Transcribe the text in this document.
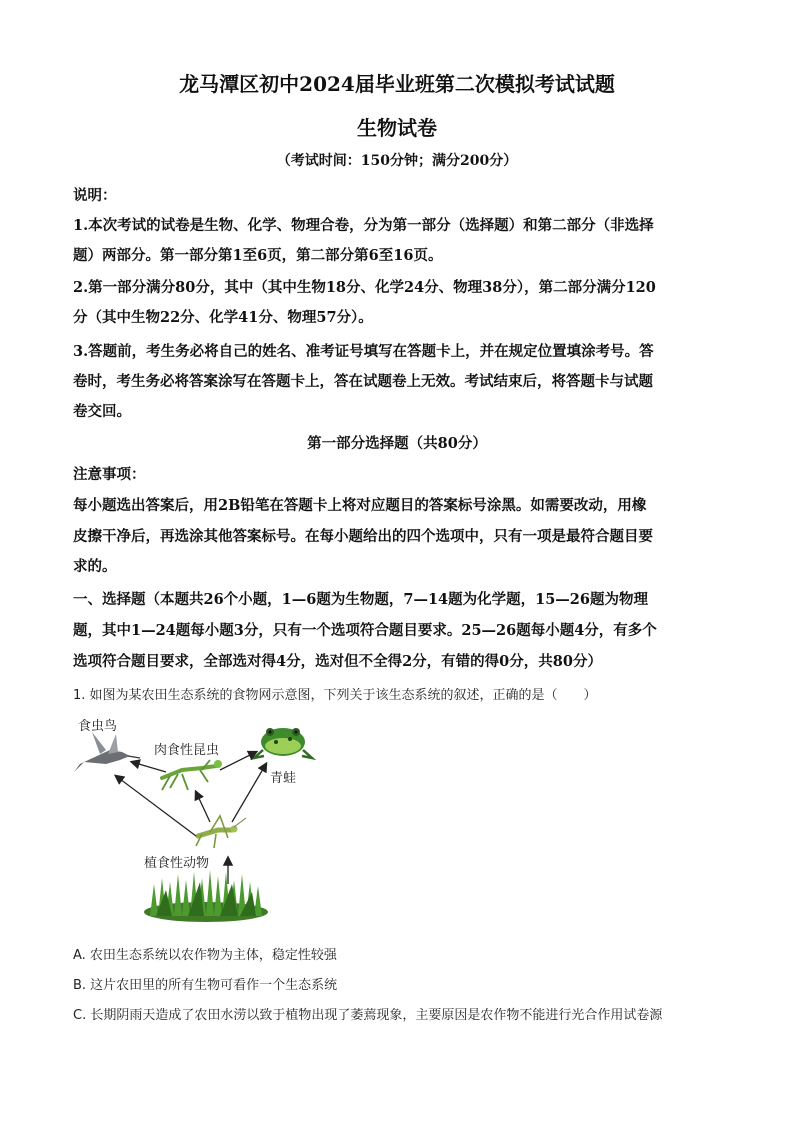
龙马潭区初中2024届毕业班第二次模拟考试试题
生物试卷
（考试时间：150分钟；满分200分）
说明：
1.本次考试的试卷是生物、化学、物理合卷，分为第一部分（选择题）和第二部分（非选择
题）两部分。第一部分第1至6页，第二部分第6至16页。
2.第一部分满分80分，其中（其中生物18分、化学24分、物理38分），第二部分满分120
分（其中生物22分、化学41分、物理57分）。
3.答题前，考生务必将自己的姓名、准考证号填写在答题卡上，并在规定位置填涂考号。答
卷时，考生务必将答案涂写在答题卡上，答在试题卷上无效。考试结束后，将答题卡与试题
卷交回。
第一部分选择题（共80分）
注意事项：
每小题选出答案后，用2B铅笔在答题卡上将对应题目的答案标号涂黑。如需要改动，用橡
皮擦干净后，再选涂其他答案标号。在每小题给出的四个选项中，只有一项是最符合题目要
求的。
一、选择题（本题共26个小题，1—6题为生物题，7—14题为化学题，15—26题为物理
题，其中1—24题每小题3分，只有一个选项符合题目要求。25—26题每小题4分，有多个
选项符合题目要求，全部选对得4分，选对但不全得2分，有错的得0分，共80分）
1. 如图为某农田生态系统的食物网示意图，下列关于该生态系统的叙述，正确的是（　　）
食虫鸟
肉食性昆虫
青蛙
植食性动物
A. 农田生态系统以农作物为主体，稳定性较强
B. 这片农田里的所有生物可看作一个生态系统
C. 长期阴雨天造成了农田水涝以致于植物出现了萎蔫现象，主要原因是农作物不能进行光合作用试卷源
